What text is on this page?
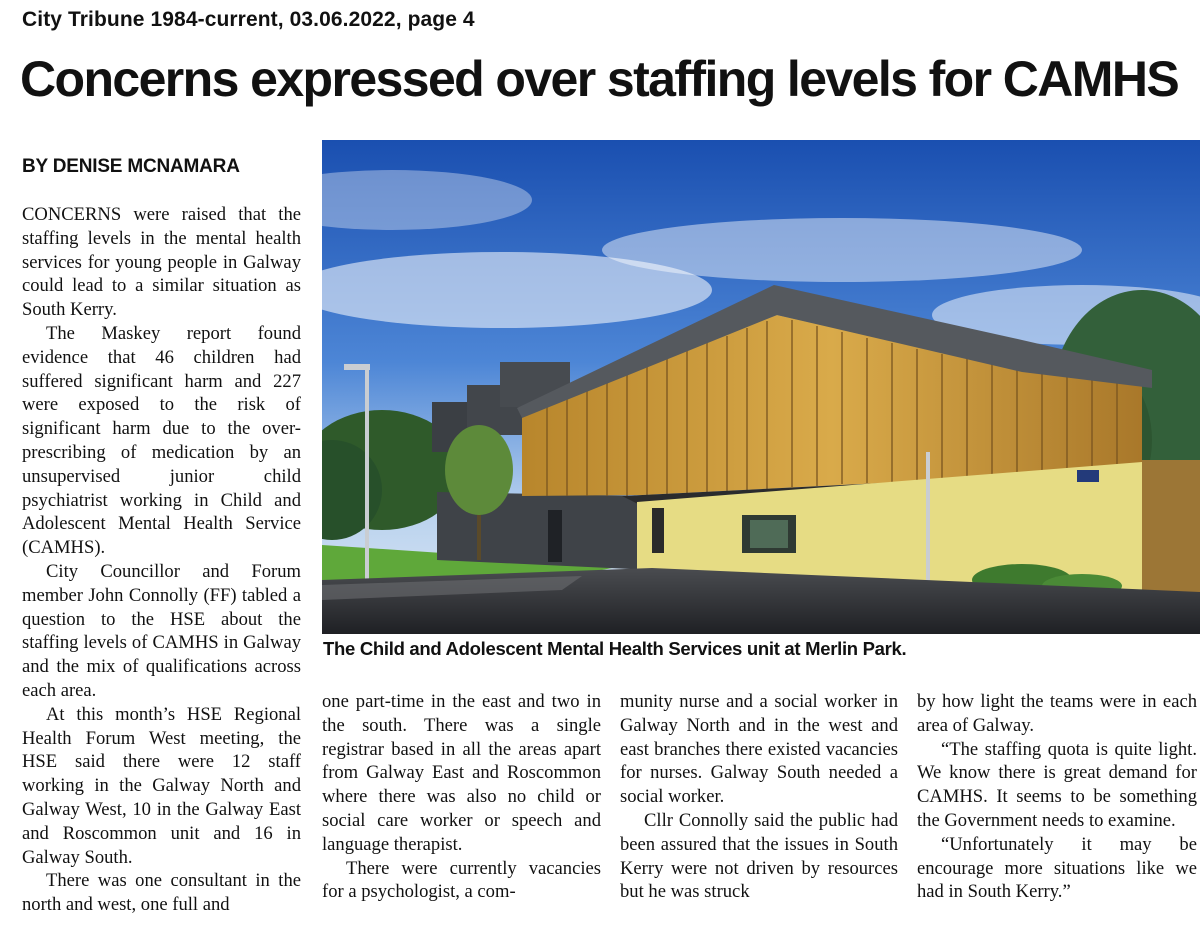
City Tribune 1984-current, 03.06.2022, page 4
Concerns expressed over staffing levels for CAMHS
BY DENISE MCNAMARA

CONCERNS were raised that the staffing levels in the mental health services for young people in Galway could lead to a similar situation as South Kerry.

The Maskey report found evidence that 46 children had suffered significant harm and 227 were exposed to the risk of significant harm due to the over-prescribing of medication by an unsupervised junior child psychiatrist working in Child and Adolescent Mental Health Service (CAMHS).

City Councillor and Forum member John Connolly (FF) tabled a question to the HSE about the staffing levels of CAMHS in Galway and the mix of qualifications across each area.

At this month’s HSE Regional Health Forum West meeting, the HSE said there were 12 staff working in the Galway North and Galway West, 10 in the Galway East and Roscommon unit and 16 in Galway South.

There was one consultant in the north and west, one full and

The Child and Adolescent Mental Health Services unit at Merlin Park.

one part-time in the east and two in the south. There was a single registrar based in all the areas apart from Galway East and Roscommon where there was also no child or social care worker or speech and language therapist.

There were currently vacancies for a psychologist, a com-

munity nurse and a social worker in Galway North and in the west and east branches there existed vacancies for nurses. Galway South needed a social worker.

Cllr Connolly said the public had been assured that the issues in South Kerry were not driven by resources but he was struck

by how light the teams were in each area of Galway.

“The staffing quota is quite light. We know there is great demand for CAMHS. It seems to be something the Government needs to examine.

“Unfortunately it may be encourage more situations like we had in South Kerry.”
